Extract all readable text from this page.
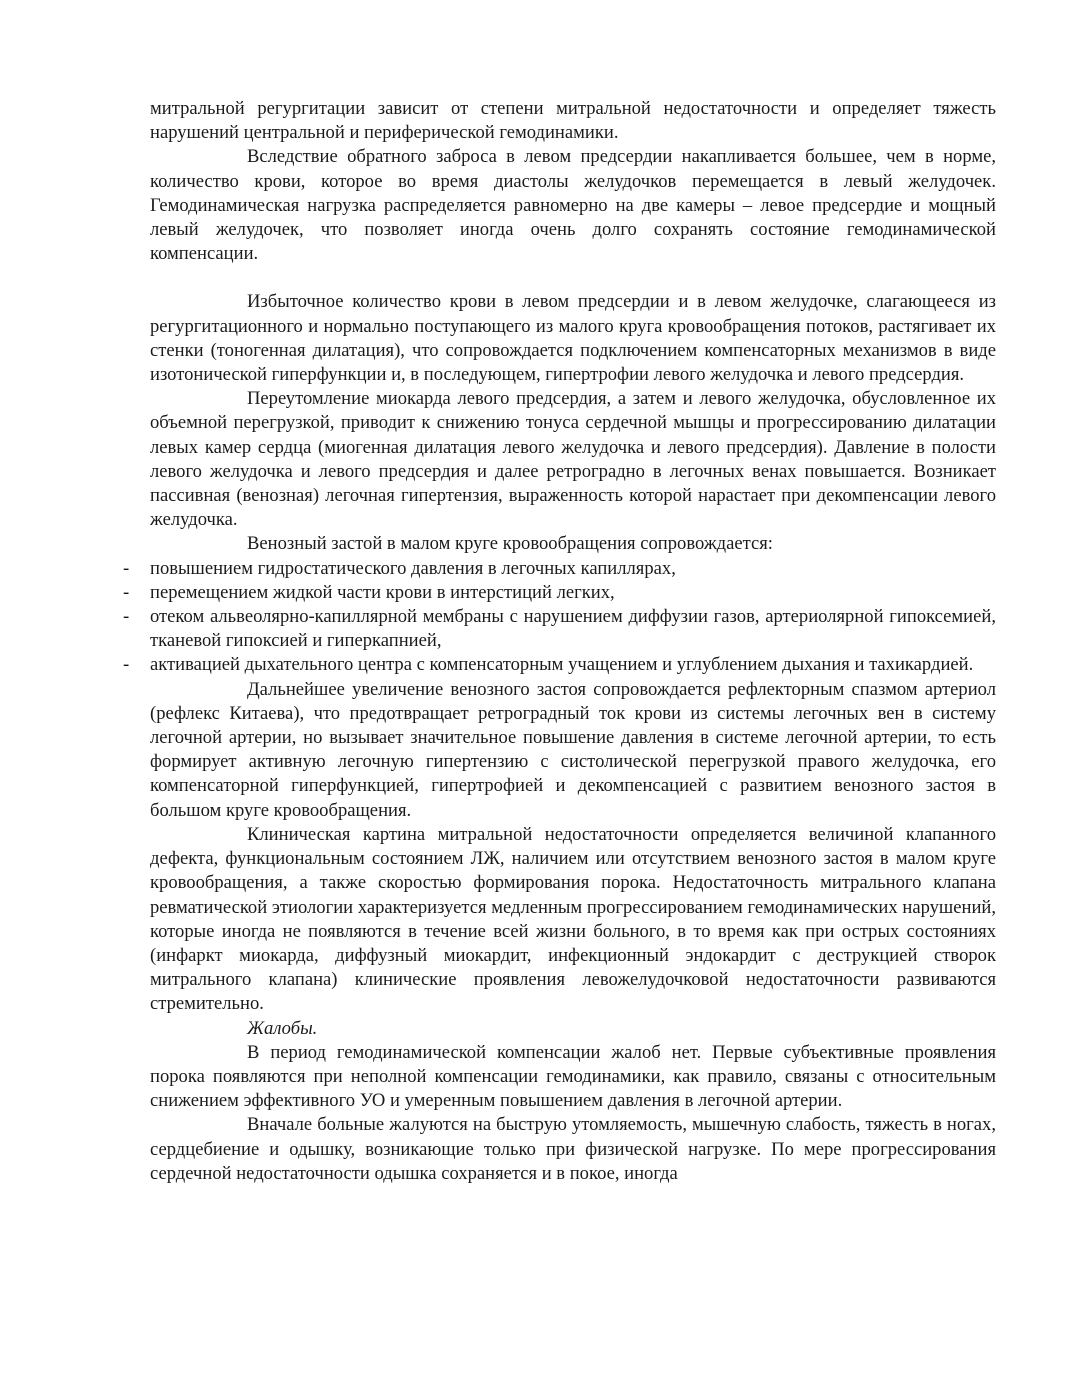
митральной регургитации зависит от степени митральной недостаточности и определяет тяжесть нарушений центральной и периферической гемодинамики.

Вследствие обратного заброса в левом предсердии накапливается большее, чем в норме, количество крови, которое во время диастолы желудочков перемещается в левый желудочек. Гемодинамическая нагрузка распределяется равномерно на две камеры – левое предсердие и мощный левый желудочек, что позволяет иногда очень долго сохранять состояние гемодинамической компенсации.

Избыточное количество крови в левом предсердии и в левом желудочке, слагающееся из регургитационного и нормально поступающего из малого круга кровообращения потоков, растягивает их стенки (тоногенная дилатация), что сопровождается подключением компенсаторных механизмов в виде изотонической гиперфункции и, в последующем, гипертрофии левого желудочка и левого предсердия.

Переутомление миокарда левого предсердия, а затем и левого желудочка, обусловленное их объемной перегрузкой, приводит к снижению тонуса сердечной мышцы и прогрессированию дилатации левых камер сердца (миогенная дилатация левого желудочка и левого предсердия). Давление в полости левого желудочка и левого предсердия и далее ретроградно в легочных венах повышается. Возникает пассивная (венозная) легочная гипертензия, выраженность которой нарастает при декомпенсации левого желудочка.

Венозный застой в малом круге кровообращения сопровождается:

- повышением гидростатического давления в легочных капиллярах,
- перемещением жидкой части крови в интерстиций легких,
- отеком альвеолярно-капиллярной мембраны с нарушением диффузии газов, артериолярной гипоксемией, тканевой гипоксией и гиперкапнией,
- активацией дыхательного центра с компенсаторным учащением и углублением дыхания и тахикардией.

Дальнейшее увеличение венозного застоя сопровождается рефлекторным спазмом артериол (рефлекс Китаева), что предотвращает ретроградный ток крови из системы легочных вен в систему легочной артерии, но вызывает значительное повышение давления в системе легочной артерии, то есть формирует активную легочную гипертензию с систолической перегрузкой правого желудочка, его компенсаторной гиперфункцией, гипертрофией и декомпенсацией с развитием венозного застоя в большом круге кровообращения.

Клиническая картина митральной недостаточности определяется величиной клапанного дефекта, функциональным состоянием ЛЖ, наличием или отсутствием венозного застоя в малом круге кровообращения, а также скоростью формирования порока. Недостаточность митрального клапана ревматической этиологии характеризуется медленным прогрессированием гемодинамических нарушений, которые иногда не появляются в течение всей жизни больного, в то время как при острых состояниях (инфаркт миокарда, диффузный миокардит, инфекционный эндокардит с деструкцией створок митрального клапана) клинические проявления левожелудочковой недостаточности развиваются стремительно.

Жалобы.

В период гемодинамической компенсации жалоб нет. Первые субъективные проявления порока появляются при неполной компенсации гемодинамики, как правило, связаны с относительным снижением эффективного УО и умеренным повышением давления в легочной артерии.

Вначале больные жалуются на быструю утомляемость, мышечную слабость, тяжесть в ногах, сердцебиение и одышку, возникающие только при физической нагрузке. По мере прогрессирования сердечной недостаточности одышка сохраняется и в покое, иногда
